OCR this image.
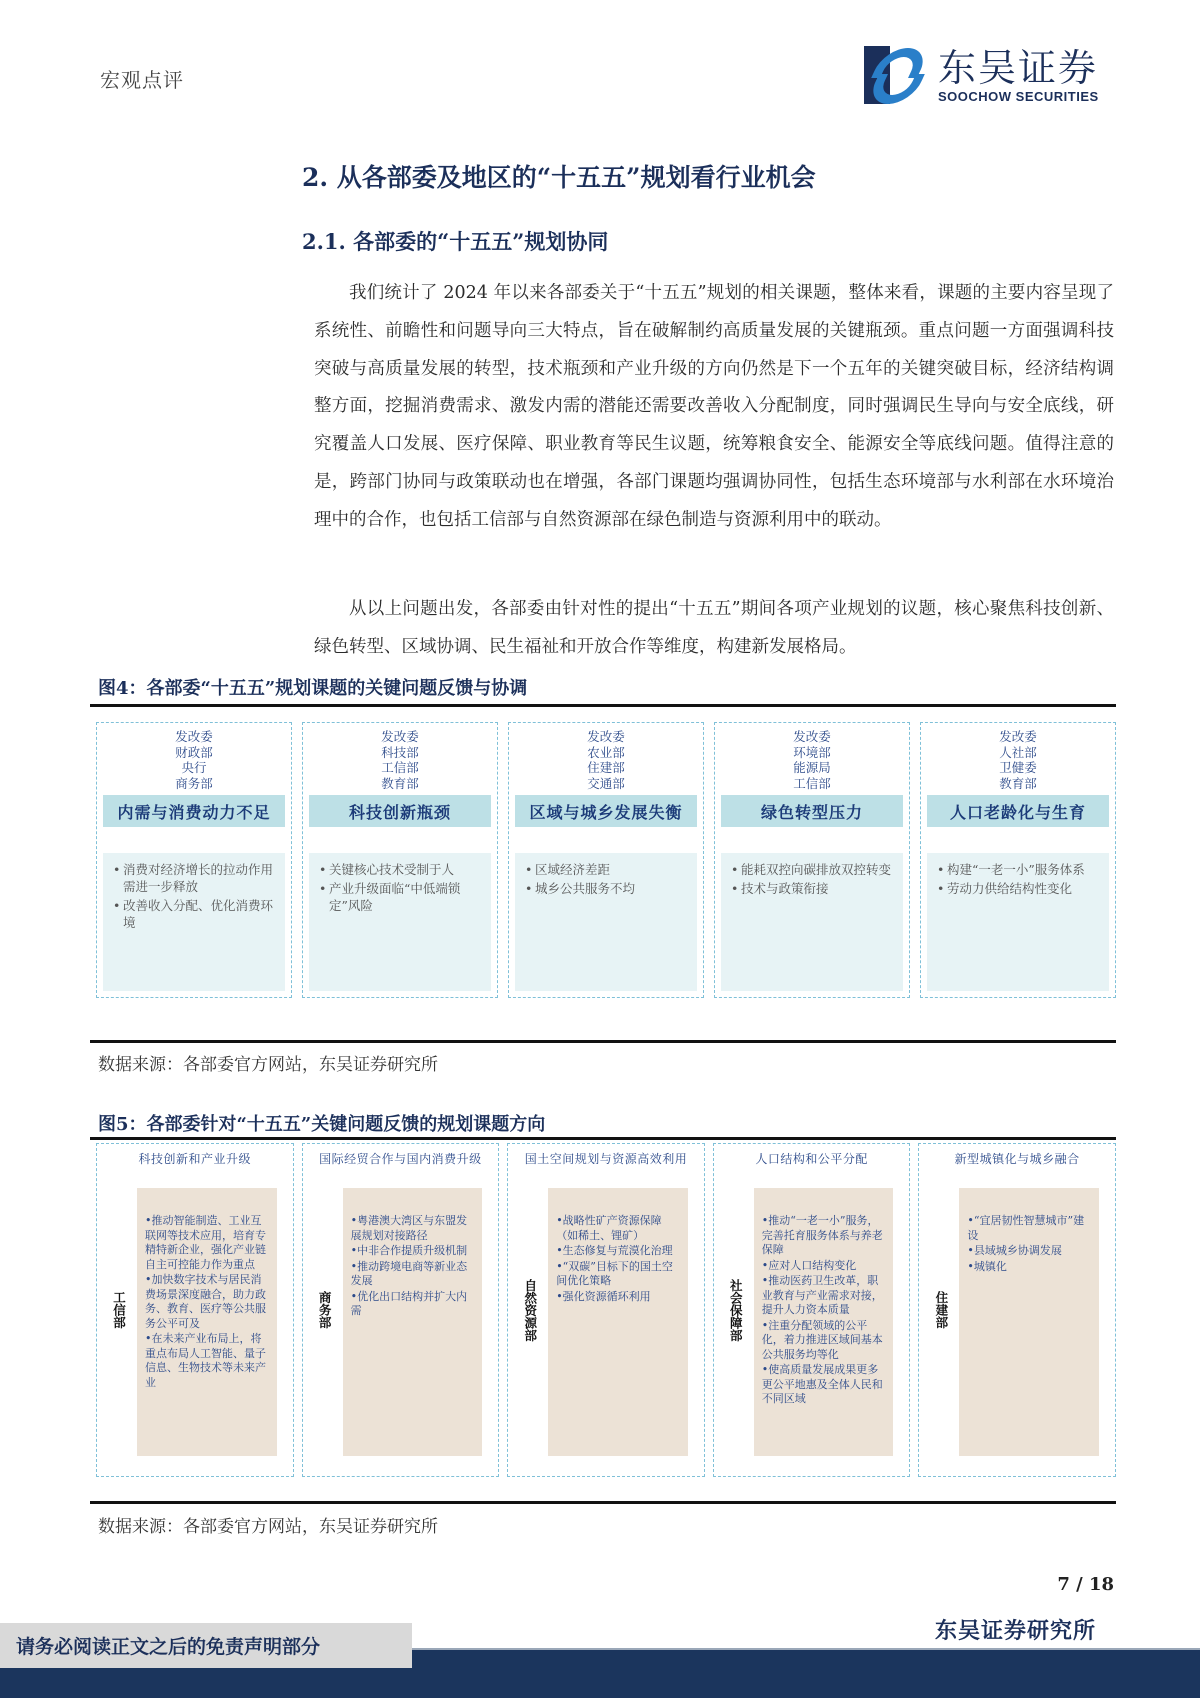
宏观点评	东吴证券
SOOCHOW SECURITIES
2. 从各部委及地区的“十五五”规划看行业机会
2.1. 各部委的“十五五”规划协同

我们统计了 2024 年以来各部委关于“十五五”规划的相关课题，整体来看，课题的主要内容呈现了系统性、前瞻性和问题导向三大特点，旨在破解制约高质量发展的关键瓶颈。重点问题一方面强调科技突破与高质量发展的转型，技术瓶颈和产业升级的方向仍然是下一个五年的关键突破目标，经济结构调整方面，挖掘消费需求、激发内需的潜能还需要改善收入分配制度，同时强调民生导向与安全底线，研究覆盖人口发展、医疗保障、职业教育等民生议题，统筹粮食安全、能源安全等底线问题。值得注意的是，跨部门协同与政策联动也在增强，各部门课题均强调协同性，包括生态环境部与水利部在水环境治理中的合作，也包括工信部与自然资源部在绿色制造与资源利用中的联动。

从以上问题出发，各部委由针对性的提出“十五五”期间各项产业规划的议题，核心聚焦科技创新、绿色转型、区域协调、民生福祉和开放合作等维度，构建新发展格局。

图4：各部委“十五五”规划课题的关键问题反馈与协调
发改委
财政部
央行
商务部
内需与消费动力不足
• 消费对经济增长的拉动作用需进一步释放
• 改善收入分配、优化消费环境
发改委
科技部
工信部
教育部
科技创新瓶颈
• 关键核心技术受制于人
• 产业升级面临“中低端锁定”风险
发改委
农业部
住建部
交通部
区域与城乡发展失衡
• 区域经济差距
• 城乡公共服务不均
发改委
环境部
能源局
工信部
绿色转型压力
• 能耗双控向碳排放双控转变
• 技术与政策衔接
发改委
人社部
卫健委
教育部
人口老龄化与生育
• 构建“一老一小”服务体系
• 劳动力供给结构性变化
数据来源：各部委官方网站，东吴证券研究所
图5：各部委针对“十五五”关键问题反馈的规划课题方向
科技创新和产业升级
工信部
•推动智能制造、工业互联网等技术应用，培育专精特新企业，强化产业链自主可控能力作为重点
•加快数字技术与居民消费场景深度融合，助力政务、教育、医疗等公共服务公平可及
•在未来产业布局上，将重点布局人工智能、量子信息、生物技术等未来产业
国际经贸合作与国内消费升级
商务部
•粤港澳大湾区与东盟发展规划对接路径
•中非合作提质升级机制
•推动跨境电商等新业态发展
•优化出口结构并扩大内需
国土空间规划与资源高效利用
自然资源部
•战略性矿产资源保障（如稀土、锂矿）
•生态修复与荒漠化治理
•“双碳”目标下的国土空间优化策略
•强化资源循环利用
人口结构和公平分配
社会保障部
•推动“一老一小”服务，完善托育服务体系与养老保障
•应对人口结构变化
•推动医药卫生改革，职业教育与产业需求对接，提升人力资本质量
•注重分配领域的公平化，着力推进区域间基本公共服务均等化
•使高质量发展成果更多更公平地惠及全体人民和不同区域
新型城镇化与城乡融合
住建部
•“宜居韧性智慧城市”建设
•县域城乡协调发展
•城镇化
数据来源：各部委官方网站，东吴证券研究所
7 / 18
东吴证券研究所
请务必阅读正文之后的免责声明部分
